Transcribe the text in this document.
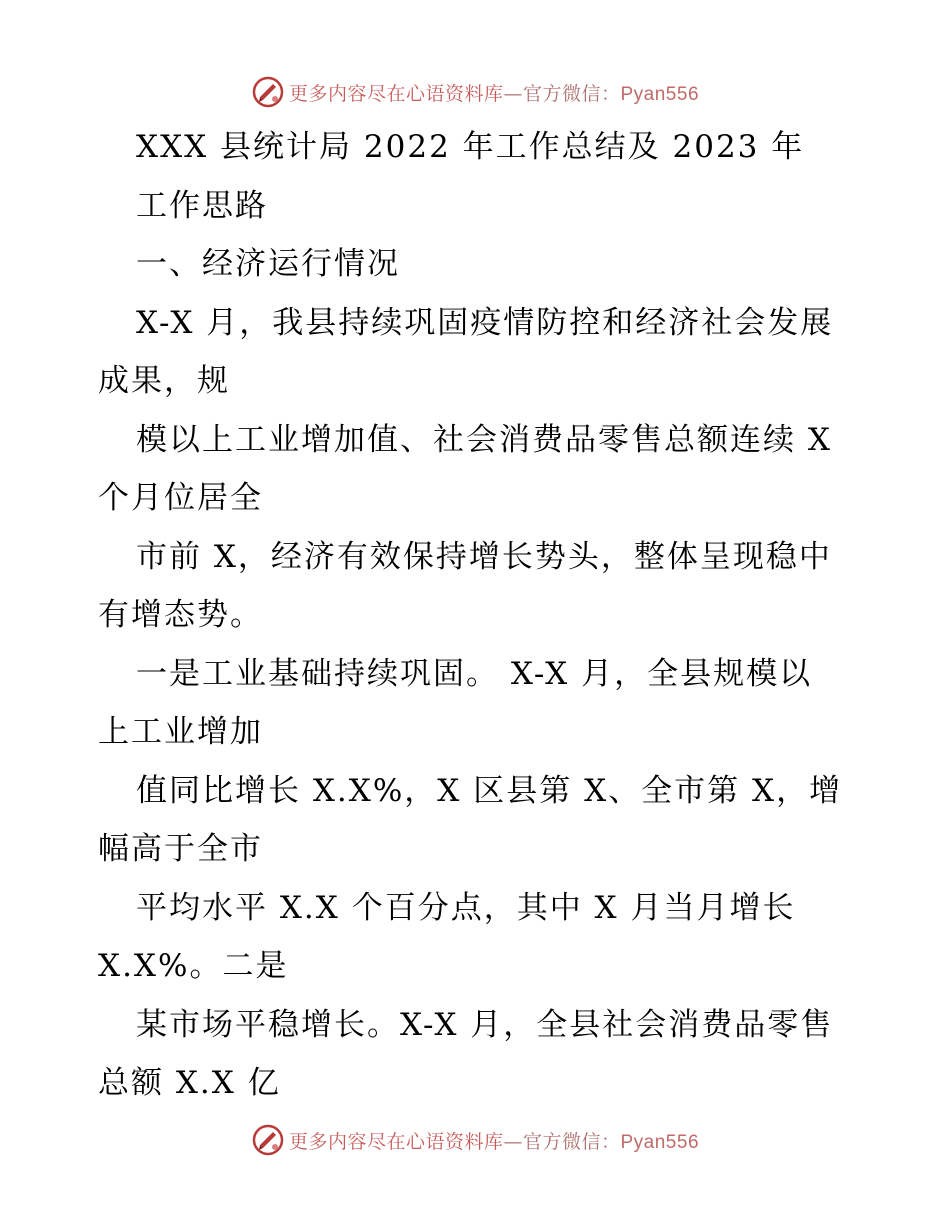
更多内容尽在心语资料库—官方微信：Pyan556
XXX 县统计局 2022 年工作总结及 2023 年
工作思路
一、经济运行情况
X-X 月，我县持续巩固疫情防控和经济社会发展
成果，规
模以上工业增加值、社会消费品零售总额连续 X
个月位居全
市前 X，经济有效保持增长势头，整体呈现稳中
有增态势。
一是工业基础持续巩固。 X-X 月，全县规模以
上工业增加
值同比增长 X.X%，X 区县第 X、全市第 X，增
幅高于全市
平均水平 X.X 个百分点，其中 X 月当月增长
X.X%。二是
某市场平稳增长。X-X 月，全县社会消费品零售
总额 X.X 亿
更多内容尽在心语资料库—官方微信：Pyan556
